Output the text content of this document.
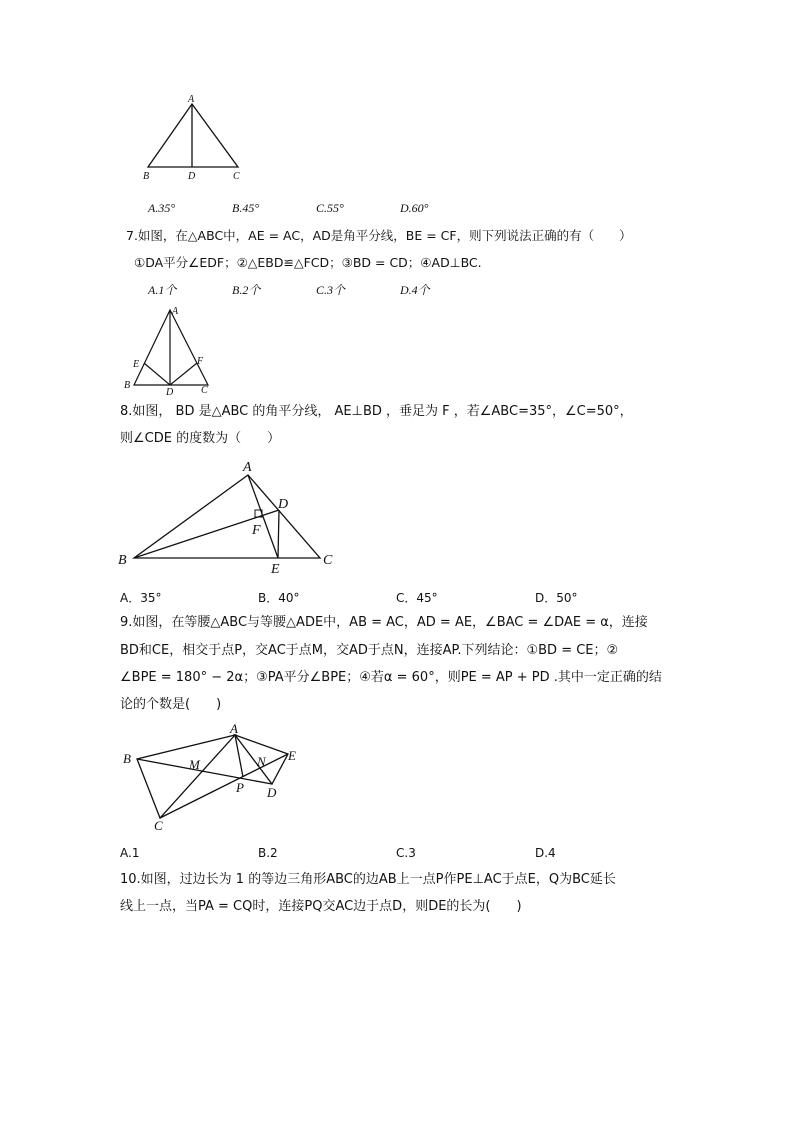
A
B	D	C
A.35°	B.45°	C.55°	D.60°
7.如图，在△ABC中，AE = AC，AD是角平分线，BE = CF，则下列说法正确的有（　　）
①DA平分∠EDF；②△EBD≌△FCD；③BD = CD；④AD⊥BC.
A.1个	B.2个	C.3个	D.4个
A
E	F
B
D	C
8.如图， BD 是△ABC 的角平分线， AE⊥BD ，垂足为 F ，若∠ABC=35°，∠C=50°，
则∠CDE 的度数为（　　）
A
D
F
B
E
C
A．35°	B．40°	C．45°	D．50°
9.如图，在等腰△ABC与等腰△ADE中，AB = AC，AD = AE，∠BAC = ∠DAE = α，连接
BD和CE，相交于点P，交AC于点M，交AD于点N，连接AP.下列结论：①BD = CE；②
∠BPE = 180° − 2α；③PA平分∠BPE；④若α = 60°，则PE = AP + PD .其中一定正确的结
论的个数是(　　)
A
B	M	N E
P D
C
A.1	B.2	C.3	D.4
10.如图，过边长为 1 的等边三角形ABC的边AB上一点P作PE⊥AC于点E，Q为BC延长
线上一点，当PA = CQ时，连接PQ交AC边于点D，则DE的长为(　　)
